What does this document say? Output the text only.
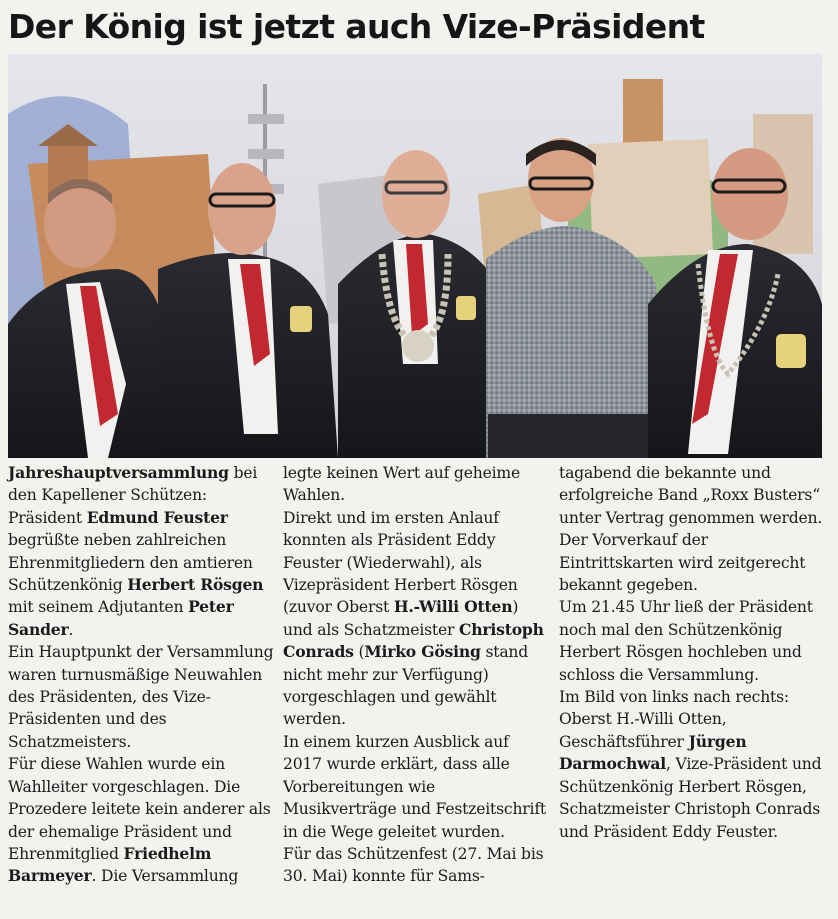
Der König ist jetzt auch Vize-Präsident

Jahreshauptversammlung bei den Kapellener Schützen: Präsident Edmund Feuster begrüßte neben zahlreichen Ehrenmitgliedern den amtieren Schützenkönig Herbert Rösgen mit seinem Adjutanten Peter Sander.

Ein Hauptpunkt der Versammlung waren turnusmäßige Neuwahlen des Präsidenten, des Vize- Präsidenten und des Schatzmeisters.

Für diese Wahlen wurde ein Wahlleiter vorgeschlagen. Die Prozedere leitete kein anderer als der ehemalige Präsident und Ehrenmitglied Friedhelm Barmeyer. Die Versammlung

legte keinen Wert auf geheime Wahlen.

Direkt und im ersten Anlauf konnten als Präsident Eddy Feuster (Wiederwahl), als Vizepräsident Herbert Rösgen (zuvor Oberst H.-Willi Otten) und als Schatzmeister Christoph Conrads (Mirko Gösing stand nicht mehr zur Verfügung) vorgeschlagen und gewählt werden.

In einem kurzen Ausblick auf 2017 wurde erklärt, dass alle Vorbereitungen wie Musikverträge und Festzeitschrift in die Wege geleitet wurden.

Für das Schützenfest (27. Mai bis 30. Mai) konnte für Sams-

tagabend die bekannte und erfolgreiche Band „Roxx Busters“ unter Vertrag genommen werden.

Der Vorverkauf der Eintrittskarten wird zeitgerecht bekannt gegeben.

Um 21.45 Uhr ließ der Präsident noch mal den Schützenkönig Herbert Rösgen hochleben und schloss die Versammlung.

Im Bild von links nach rechts: Oberst H.-Willi Otten, Geschäftsführer Jürgen Darmochwal, Vize-Präsident und Schützenkönig Herbert Rösgen, Schatzmeister Christoph Conrads und Präsident Eddy Feuster.
